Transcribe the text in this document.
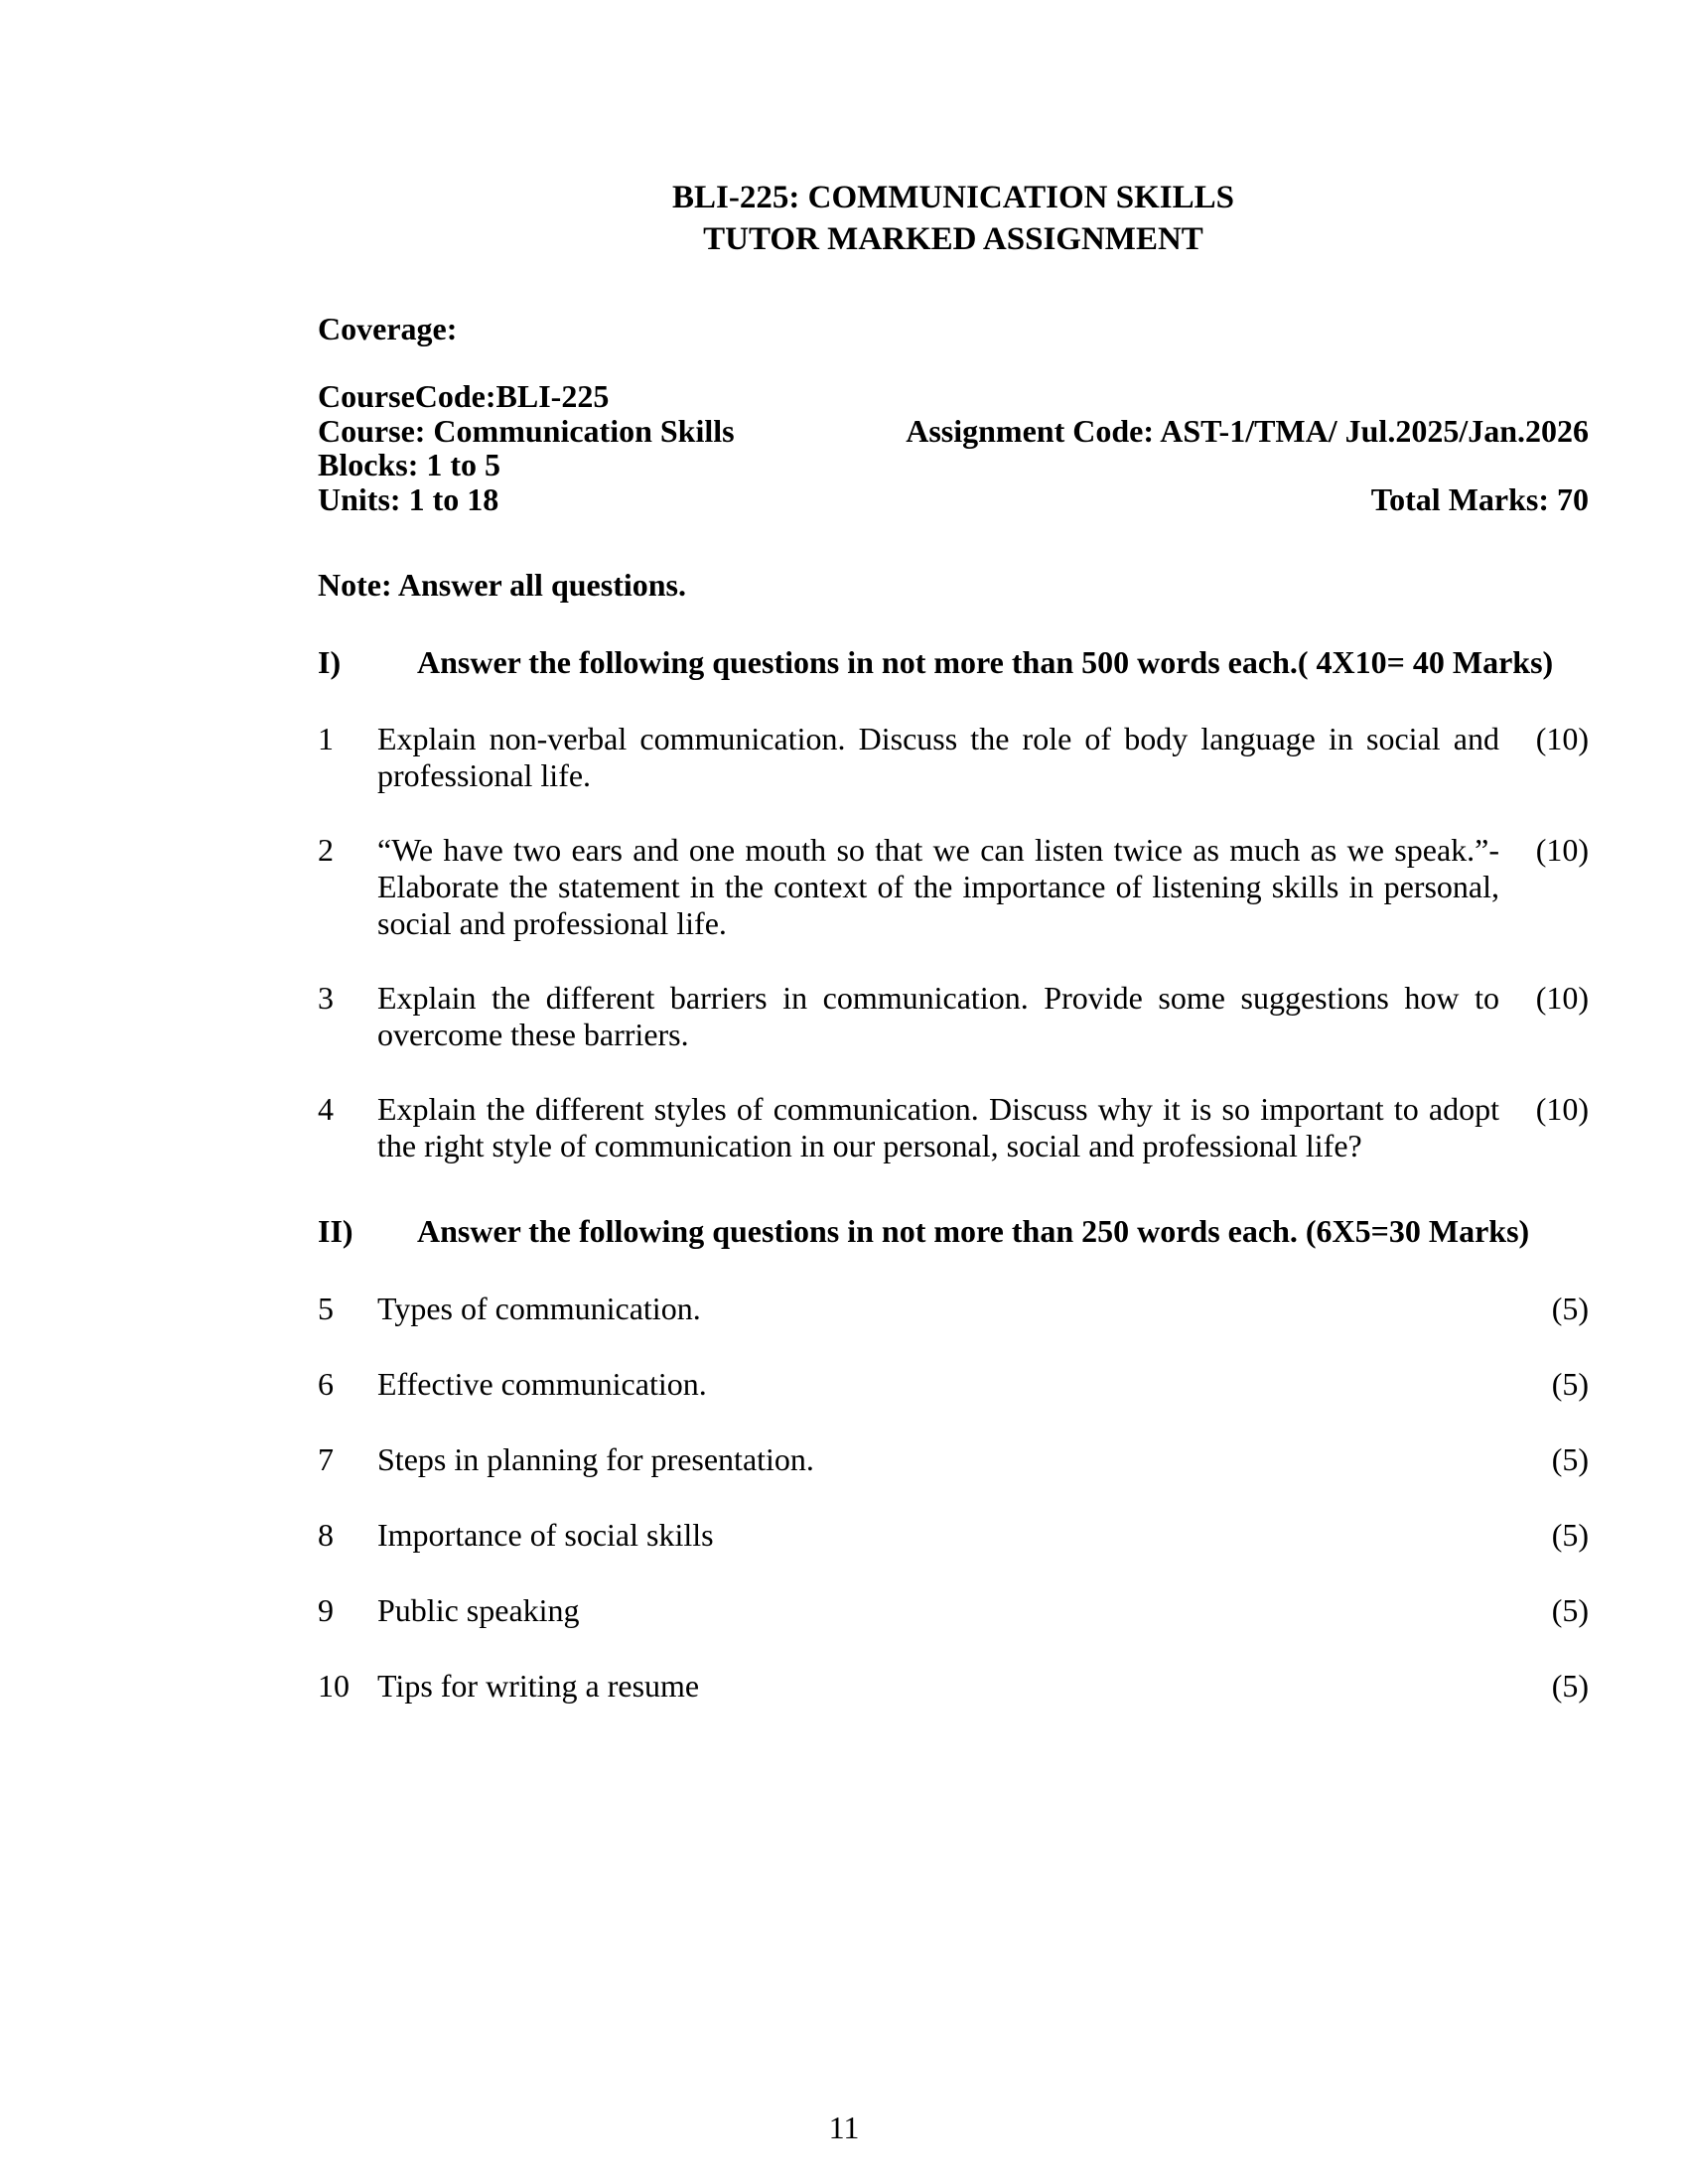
BLI-225: COMMUNICATION SKILLS
TUTOR MARKED ASSIGNMENT
Coverage:
CourseCode:BLI-225
Course: Communication Skills	Assignment Code: AST-1/TMA/ Jul.2025/Jan.2026
Blocks: 1 to 5
Units: 1 to 18	Total Marks: 70
Note: Answer all questions.
I)	Answer the following questions in not more than 500 words each.( 4X10= 40 Marks)
1	Explain non-verbal communication. Discuss the role of body language in social and professional life.
(10)
2	“We have two ears and one mouth so that we can listen twice as much as we speak.”- Elaborate the statement in the context of the importance of listening skills in personal, social and professional life.
(10)
3	Explain the different barriers in communication. Provide some suggestions how to overcome these barriers.
(10)
4	Explain the different styles of communication. Discuss why it is so important to adopt the right style of communication in our personal, social and professional life?
(10)
II)	Answer the following questions in not more than 250 words each. (6X5=30 Marks)
5	Types of communication.	(5)
6	Effective communication.	(5)
7	Steps in planning for presentation.	(5)
8	Importance of social skills	(5)
9	Public speaking	(5)
10 Tips for writing a resume	(5)
11
